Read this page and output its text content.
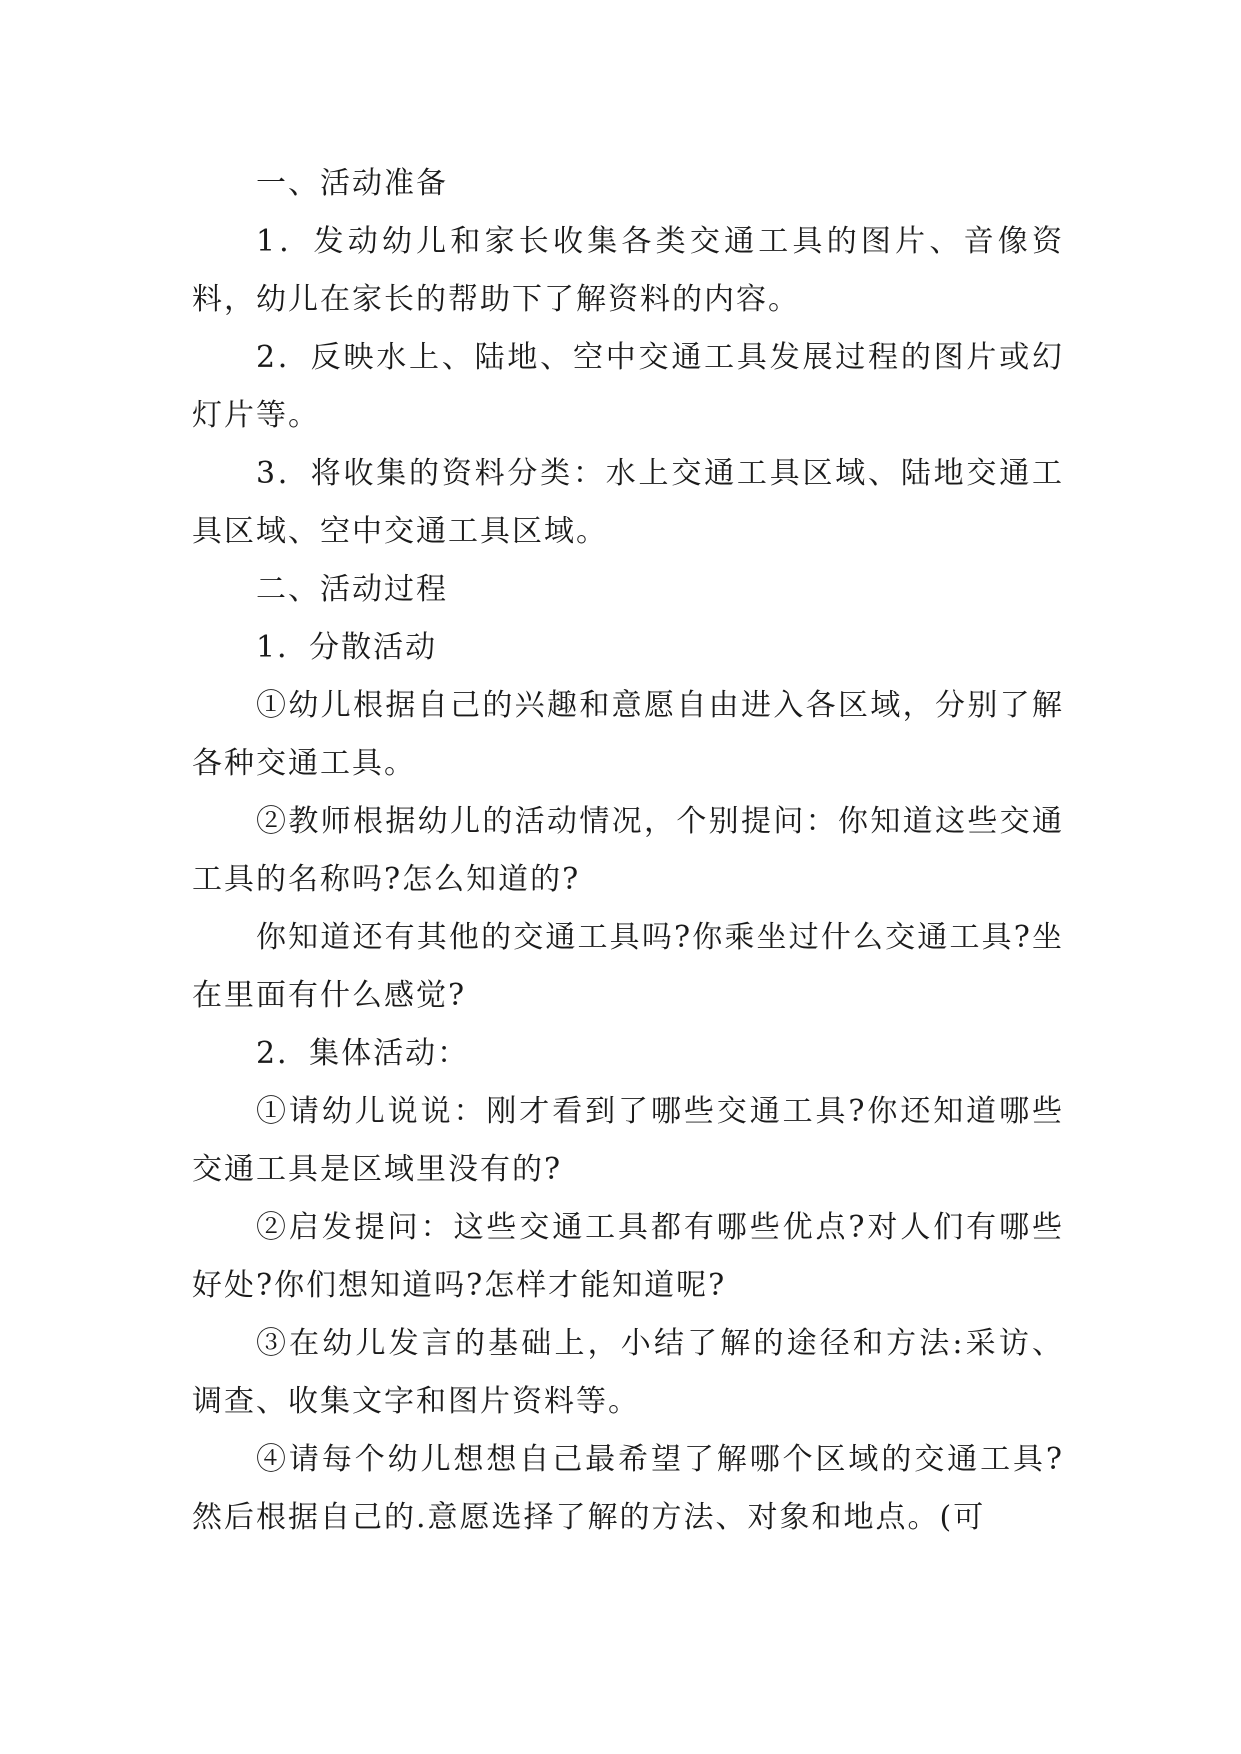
一、活动准备

1．发动幼儿和家长收集各类交通工具的图片、音像资料，幼儿在家长的帮助下了解资料的内容。

2．反映水上、陆地、空中交通工具发展过程的图片或幻灯片等。

3．将收集的资料分类：水上交通工具区域、陆地交通工具区域、空中交通工具区域。

二、活动过程

1．分散活动

①幼儿根据自己的兴趣和意愿自由进入各区域，分别了解各种交通工具。

②教师根据幼儿的活动情况，个别提问：你知道这些交通工具的名称吗?怎么知道的?

你知道还有其他的交通工具吗?你乘坐过什么交通工具?坐在里面有什么感觉?

2．集体活动：

①请幼儿说说：刚才看到了哪些交通工具?你还知道哪些交通工具是区域里没有的?

②启发提问：这些交通工具都有哪些优点?对人们有哪些好处?你们想知道吗?怎样才能知道呢?

③在幼儿发言的基础上，小结了解的途径和方法:采访、调查、收集文字和图片资料等。

④请每个幼儿想想自己最希望了解哪个区域的交通工具?然后根据自己的.意愿选择了解的方法、对象和地点。(可
